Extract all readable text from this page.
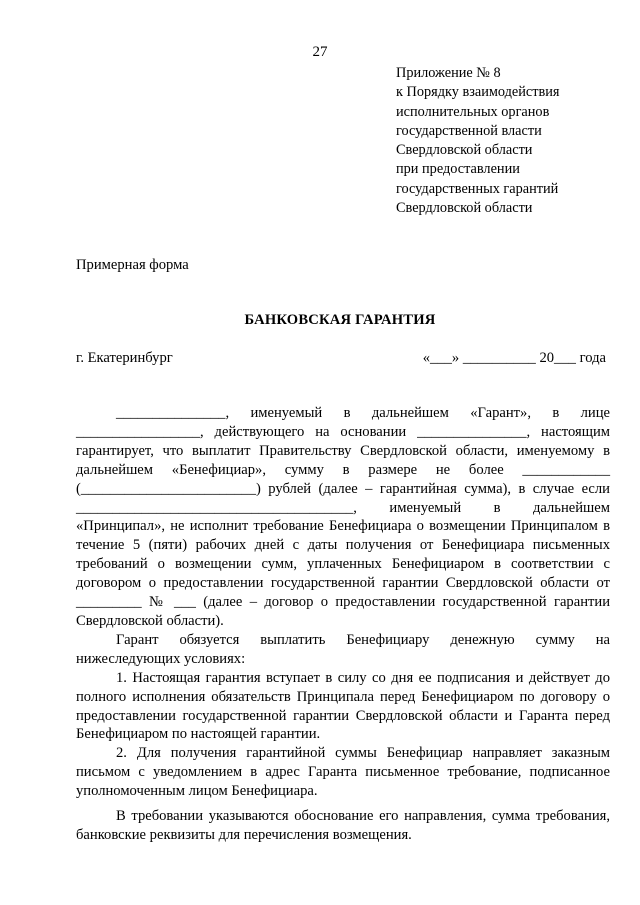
27
Приложение № 8
к Порядку взаимодействия
исполнительных органов
государственной власти
Свердловской области
при предоставлении
государственных гарантий
Свердловской области
Примерная форма
БАНКОВСКАЯ ГАРАНТИЯ
г. Екатеринбург	«___» __________ 20___ года

_______________, именуемый в дальнейшем «Гарант», в лице _________________, действующего на основании _______________, настоящим гарантирует, что выплатит Правительству Свердловской области, именуемому в дальнейшем «Бенефициар», сумму в размере не более ____________ (________________________) рублей (далее – гарантийная сумма), в случае если ______________________________________, именуемый в дальнейшем «Принципал», не исполнит требование Бенефициара о возмещении Принципалом в течение 5 (пяти) рабочих дней с даты получения от Бенефициара письменных требований о возмещении сумм, уплаченных Бенефициаром в соответствии с договором о предоставлении государственной гарантии Свердловской области от _________ № ___ (далее – договор о предоставлении государственной гарантии Свердловской области).

Гарант обязуется выплатить Бенефициару денежную сумму на нижеследующих условиях:

1. Настоящая гарантия вступает в силу со дня ее подписания и действует до полного исполнения обязательств Принципала перед Бенефициаром по договору о предоставлении государственной гарантии Свердловской области и Гаранта перед Бенефициаром по настоящей гарантии.

2. Для получения гарантийной суммы Бенефициар направляет заказным письмом с уведомлением в адрес Гаранта письменное требование, подписанное уполномоченным лицом Бенефициара.

В требовании указываются обоснование его направления, сумма требования, банковские реквизиты для перечисления возмещения.
